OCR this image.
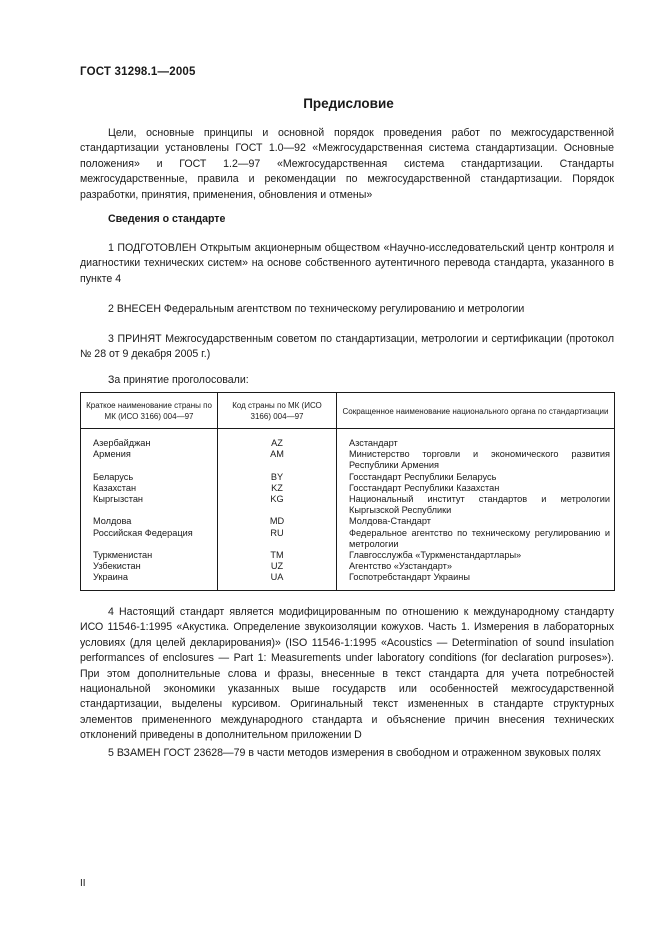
ГОСТ 31298.1—2005
Предисловие

Цели, основные принципы и основной порядок проведения работ по межгосударственной стандартизации установлены ГОСТ 1.0—92 «Межгосударственная система стандартизации. Основные положения» и ГОСТ 1.2—97 «Межгосударственная система стандартизации. Стандарты межгосударственные, правила и рекомендации по межгосударственной стандартизации. Порядок разработки, принятия, применения, обновления и отмены»

Сведения о стандарте

1 ПОДГОТОВЛЕН Открытым акционерным обществом «Научно-исследовательский центр контроля и диагностики технических систем» на основе собственного аутентичного перевода стандарта, указанного в пункте 4

2 ВНЕСЕН Федеральным агентством по техническому регулированию и метрологии

3 ПРИНЯТ Межгосударственным советом по стандартизации, метрологии и сертификации (протокол № 28 от 9 декабря 2005 г.)

За принятие проголосовали:
Краткое наименование страны по МК (ИСО 3166) 004—97	Код страны по МК (ИСО 3166) 004—97	Сокращенное наименование национального органа по стандартизации
Азербайджан	AZ	Азстандарт
Армения	AM	Министерство торговли и экономического развития Республики Армения
Беларусь	BY	Госстандарт Республики Беларусь
Казахстан	KZ	Госстандарт Республики Казахстан
Кыргызстан	KG	Национальный институт стандартов и метрологии Кыргызской Республики
Молдова	MD	Молдова-Стандарт
Российская Федерация	RU	Федеральное агентство по техническому регулированию и метрологии
Туркменистан	TM	Главгосслужба «Туркменстандартлары»
Узбекистан	UZ	Агентство «Узстандарт»
Украина	UA	Госпотребстандарт Украины

4 Настоящий стандарт является модифицированным по отношению к международному стандарту ИСО 11546-1:1995 «Акустика. Определение звукоизоляции кожухов. Часть 1. Измерения в лабораторных условиях (для целей декларирования)» (ISO 11546-1:1995 «Acoustics — Determination of sound insulation performances of enclosures — Part 1: Measurements under laboratory conditions (for declaration purposes»). При этом дополнительные слова и фразы, внесенные в текст стандарта для учета потребностей национальной экономики указанных выше государств или особенностей межгосударственной стандартизации, выделены курсивом. Оригинальный текст измененных в стандарте структурных элементов примененного международного стандарта и объяснение причин внесения технических отклонений приведены в дополнительном приложении D

5 ВЗАМЕН ГОСТ 23628—79 в части методов измерения в свободном и отраженном звуковых полях

II
